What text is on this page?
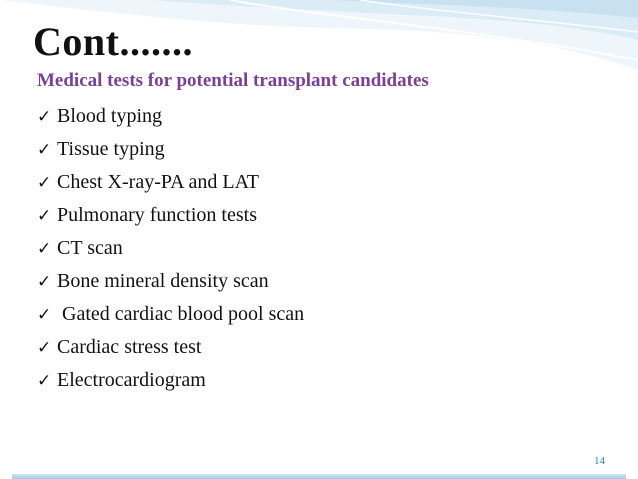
Cont.......
Medical tests for potential transplant candidates
✓ Blood typing
✓ Tissue typing
✓ Chest X-ray-PA and LAT
✓ Pulmonary function tests
✓ CT scan
✓ Bone mineral density scan
✓ Gated cardiac blood pool scan
✓ Cardiac stress test
✓ Electrocardiogram
14
